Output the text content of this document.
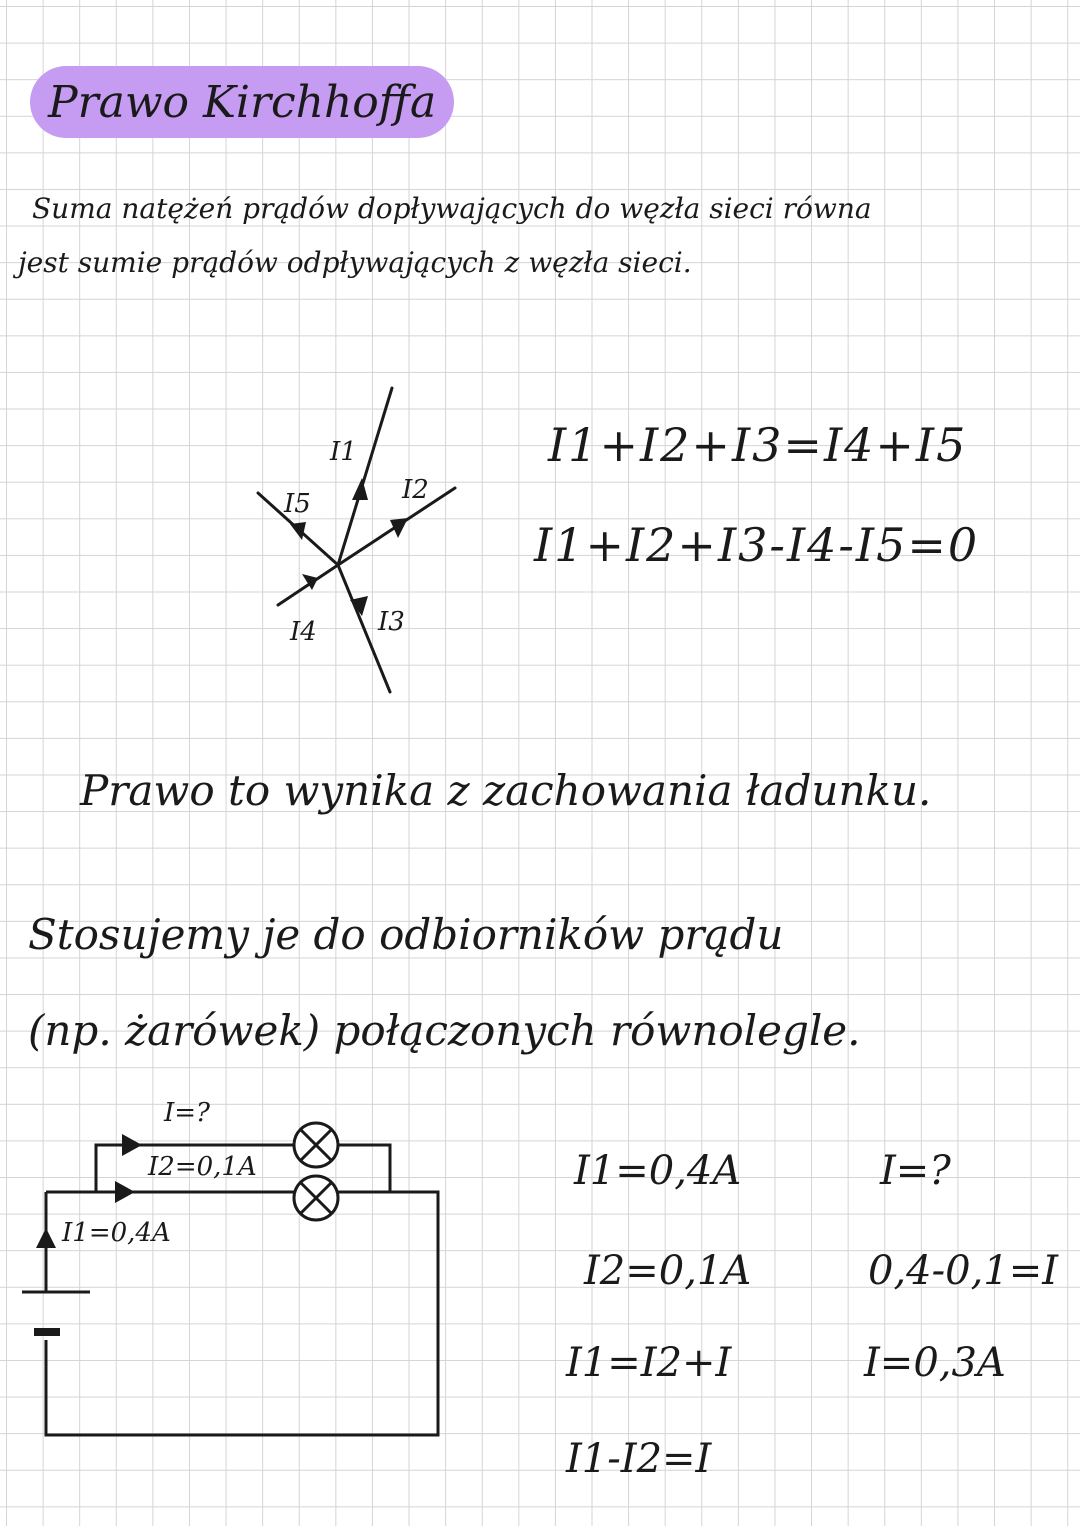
Prawo Kirchhoffa
Suma natężeń prądów dopływających do węzła sieci równa
jest sumie prądów odpływających z węzła sieci.
I1
I2
I3
I4
I5
I1+I2+I3=I4+I5
I1+I2+I3-I4-I5=0
Prawo to wynika z zachowania ładunku.
Stosujemy je do odbiorników prądu
(np. żarówek) połączonych równolegle.
I=?
I2=0,1A
I1=0,4A
I1=0,4A	I=?
I2=0,1A	0,4-0,1=I
I1=I2+I	I=0,3A
I1-I2=I
